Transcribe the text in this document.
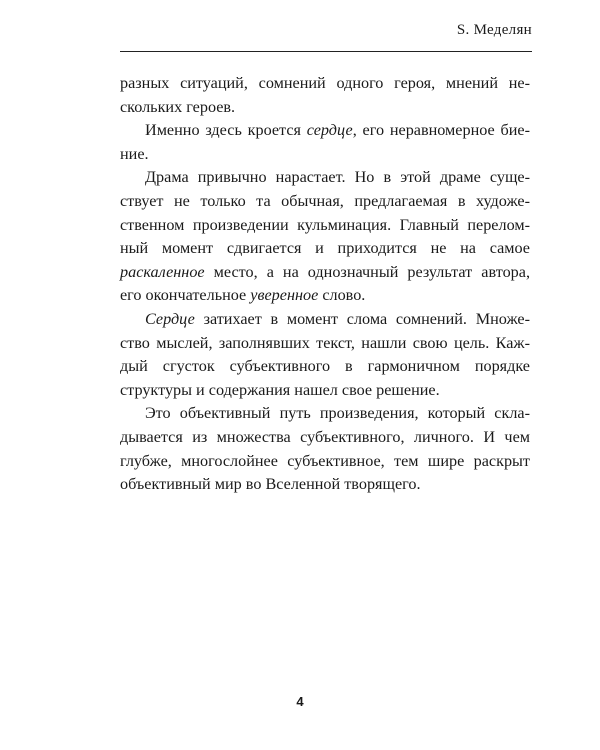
S. Меделян
разных ситуаций, сомнений одного героя, мнений не-
скольких героев.
Именно здесь кроется сердце, его неравномерное бие-
ние.
Драма привычно нарастает. Но в этой драме суще-
ствует не только та обычная, предлагаемая в художе-
ственном произведении кульминация. Главный перелом-
ный момент сдвигается и приходится не на самое
раскаленное место, а на однозначный результат автора,
его окончательное уверенное слово.
Сердце затихает в момент слома сомнений. Множе-
ство мыслей, заполнявших текст, нашли свою цель. Каж-
дый сгусток субъективного в гармоничном порядке
структуры и содержания нашел свое решение.
Это объективный путь произведения, который скла-
дывается из множества субъективного, личного. И чем
глубже, многослойнее субъективное, тем шире раскрыт
объективный мир во Вселенной творящего.
4
